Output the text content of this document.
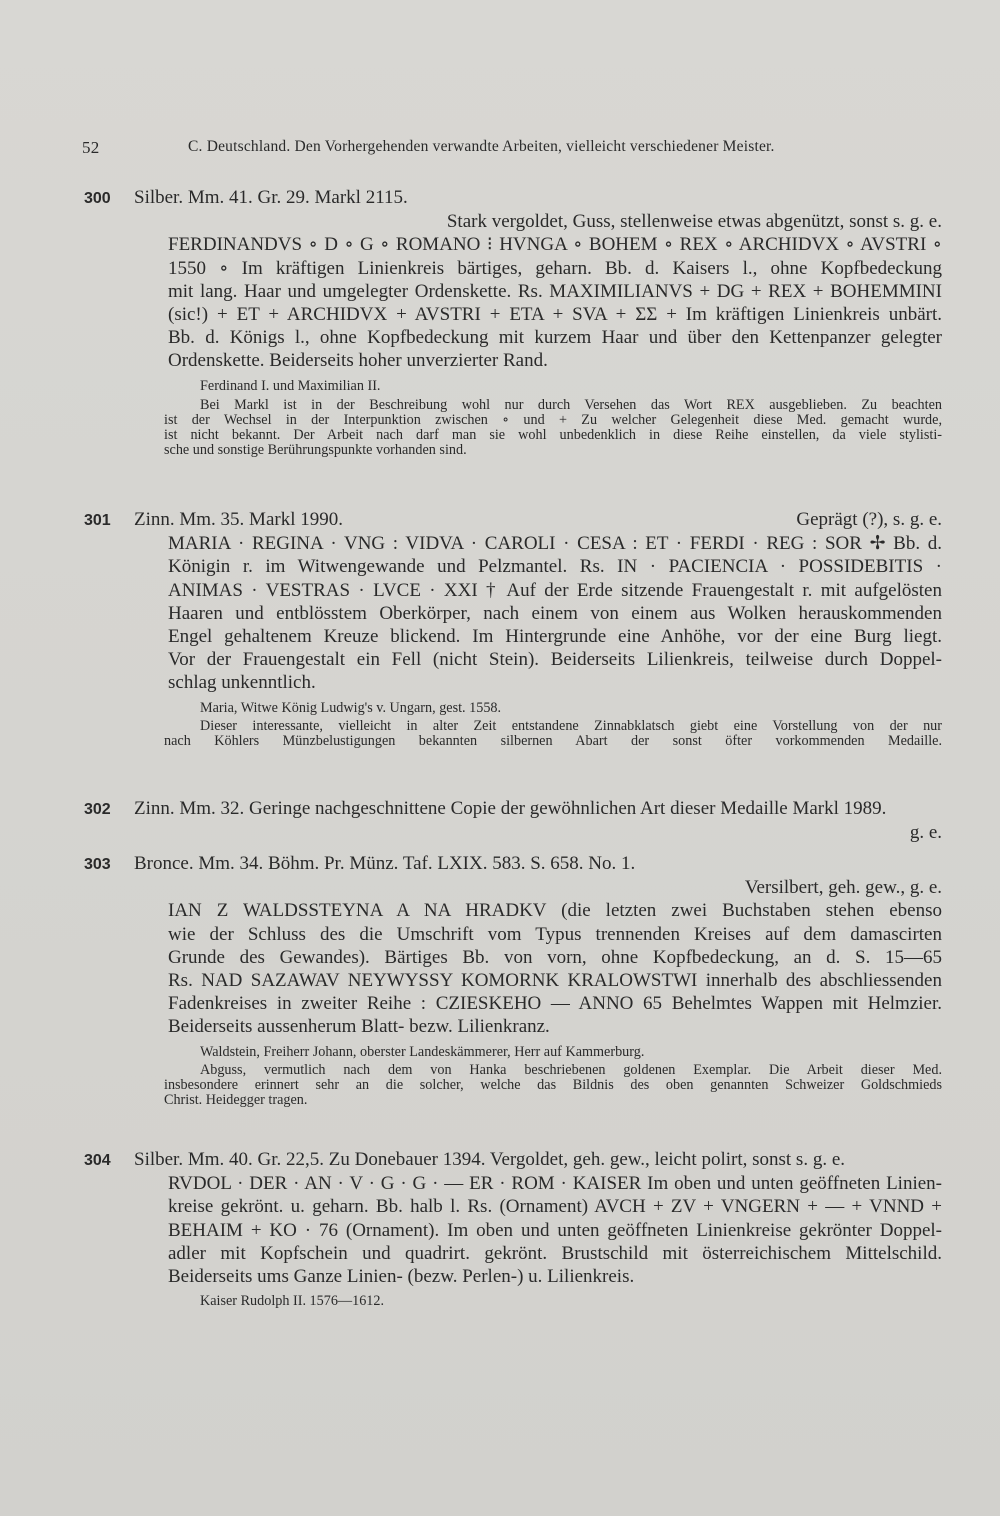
52	C. Deutschland. Den Vorhergehenden verwandte Arbeiten, vielleicht verschiedener Meister.
300 Silber. Mm. 41. Gr. 29. Markl 2115.
Stark vergoldet, Guss, stellenweise etwas abgenützt, sonst s. g. e.
FERDINANDVS ∘ D ∘ G ∘ ROMANO ⁝ HVNGA ∘ BOHEM ∘ REX ∘ ARCHIDVX ∘ AVSTRI ∘
1550 ∘ Im kräftigen Linienkreis bärtiges, geharn. Bb. d. Kaisers l., ohne Kopfbedeckung
mit lang. Haar und umgelegter Ordenskette. Rs. MAXIMILIANVS + DG + REX + BOHEMMINI
(sic!) + ET + ARCHIDVX + AVSTRI + ETA + SVA + ΣΣ + Im kräftigen Linienkreis unbärt.
Bb. d. Königs l., ohne Kopfbedeckung mit kurzem Haar und über den Kettenpanzer gelegter
Ordenskette. Beiderseits hoher unverzierter Rand.
Ferdinand I. und Maximilian II.
Bei Markl ist in der Beschreibung wohl nur durch Versehen das Wort REX ausgeblieben. Zu beachten
ist der Wechsel in der Interpunktion zwischen ∘ und + Zu welcher Gelegenheit diese Med. gemacht wurde,
ist nicht bekannt. Der Arbeit nach darf man sie wohl unbedenklich in diese Reihe einstellen, da viele stylisti-
sche und sonstige Berührungspunkte vorhanden sind.
301 Zinn. Mm. 35. Markl 1990.	Geprägt (?), s. g. e.
MARIA · REGINA · VNG : VIDVA · CAROLI · CESA : ET · FERDI · REG : SOR ✢ Bb. d.
Königin r. im Witwengewande und Pelzmantel. Rs. IN · PACIENCIA · POSSIDEBITIS ·
ANIMAS · VESTRAS · LVCE · XXI † Auf der Erde sitzende Frauengestalt r. mit aufgelösten
Haaren und entblösstem Oberkörper, nach einem von einem aus Wolken herauskommenden
Engel gehaltenem Kreuze blickend. Im Hintergrunde eine Anhöhe, vor der eine Burg liegt.
Vor der Frauengestalt ein Fell (nicht Stein). Beiderseits Lilienkreis, teilweise durch Doppel-
schlag unkenntlich.
Maria, Witwe König Ludwig's v. Ungarn, gest. 1558.
Dieser interessante, vielleicht in alter Zeit entstandene Zinnabklatsch giebt eine Vorstellung von der nur
nach Köhlers Münzbelustigungen bekannten silbernen Abart der sonst öfter vorkommenden Medaille.
302 Zinn. Mm. 32. Geringe nachgeschnittene Copie der gewöhnlichen Art dieser Medaille Markl 1989.
g. e.
303 Bronce. Mm. 34. Böhm. Pr. Münz. Taf. LXIX. 583. S. 658. No. 1.
Versilbert, geh. gew., g. e.
IAN Z WALDSSTEYNA A NA HRADKV (die letzten zwei Buchstaben stehen ebenso
wie der Schluss des die Umschrift vom Typus trennenden Kreises auf dem damascirten
Grunde des Gewandes). Bärtiges Bb. von vorn, ohne Kopfbedeckung, an d. S. 15—65
Rs. NAD SAZAWAV NEYWYSSY KOMORNK KRALOWSTWI innerhalb des abschliessenden
Fadenkreises in zweiter Reihe : CZIESKEHO — ANNO 65 Behelmtes Wappen mit Helmzier.
Beiderseits aussenherum Blatt- bezw. Lilienkranz.
Waldstein, Freiherr Johann, oberster Landeskämmerer, Herr auf Kammerburg.
Abguss, vermutlich nach dem von Hanka beschriebenen goldenen Exemplar. Die Arbeit dieser Med.
insbesondere erinnert sehr an die solcher, welche das Bildnis des oben genannten Schweizer Goldschmieds
Christ. Heidegger tragen.
304 Silber. Mm. 40. Gr. 22,5. Zu Donebauer 1394. Vergoldet, geh. gew., leicht polirt, sonst s. g. e.
RVDOL · DER · AN · V · G · G · — ER · ROM · KAISER Im oben und unten geöffneten Linien-
kreise gekrönt. u. geharn. Bb. halb l. Rs. (Ornament) AVCH + ZV + VNGERN + — + VNND +
BEHAIM + KO · 76 (Ornament). Im oben und unten geöffneten Linienkreise gekrönter Doppel-
adler mit Kopfschein und quadrirt. gekrönt. Brustschild mit österreichischem Mittelschild.
Beiderseits ums Ganze Linien- (bezw. Perlen-) u. Lilienkreis.
Kaiser Rudolph II. 1576—1612.
